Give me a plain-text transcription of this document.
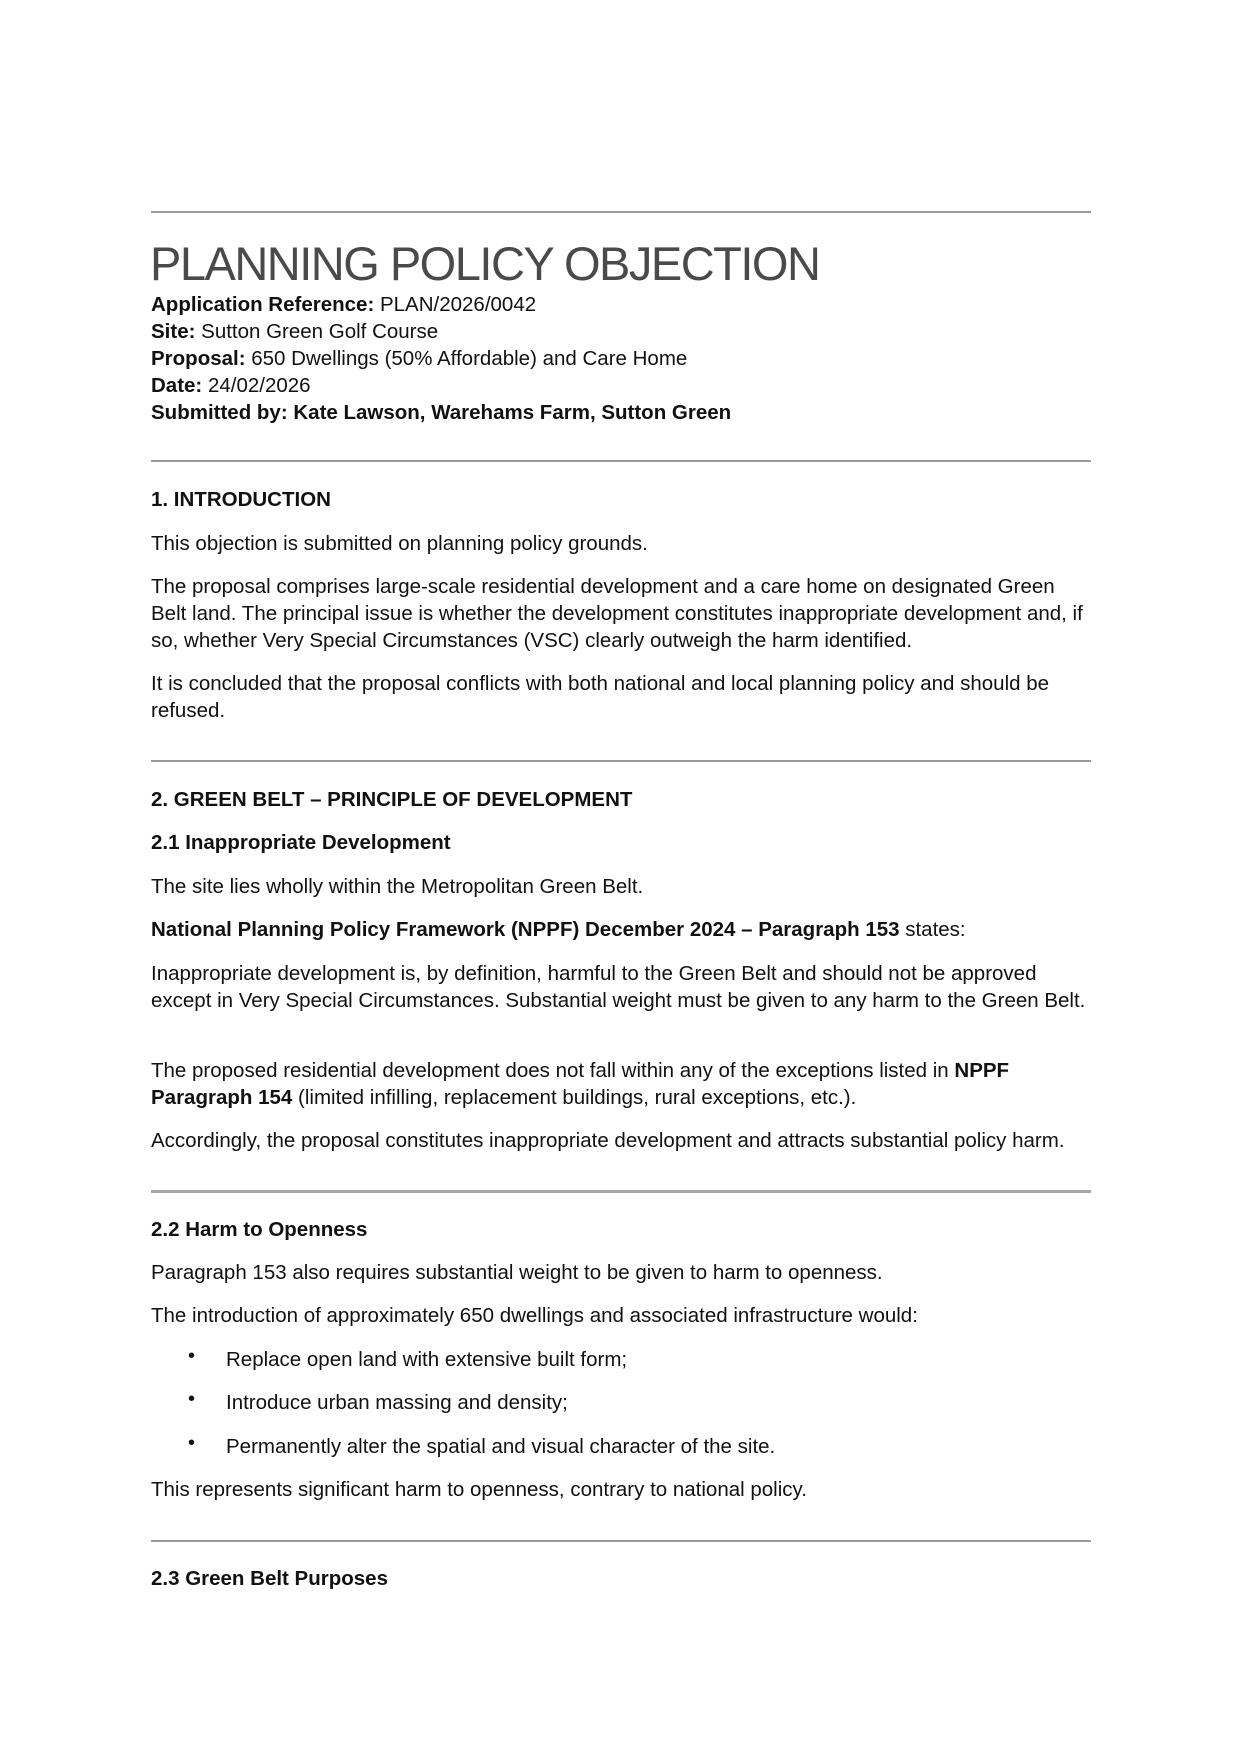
PLANNING POLICY OBJECTION
Application Reference: PLAN/2026/0042
Site: Sutton Green Golf Course
Proposal: 650 Dwellings (50% Affordable) and Care Home
Date: 24/02/2026
Submitted by: Kate Lawson, Warehams Farm, Sutton Green

1. INTRODUCTION

This objection is submitted on planning policy grounds.

The proposal comprises large-scale residential development and a care home on designated Green Belt land. The principal issue is whether the development constitutes inappropriate development and, if so, whether Very Special Circumstances (VSC) clearly outweigh the harm identified.

It is concluded that the proposal conflicts with both national and local planning policy and should be refused.

2. GREEN BELT – PRINCIPLE OF DEVELOPMENT

2.1 Inappropriate Development

The site lies wholly within the Metropolitan Green Belt.

National Planning Policy Framework (NPPF) December 2024 – Paragraph 153 states:

Inappropriate development is, by definition, harmful to the Green Belt and should not be approved except in Very Special Circumstances. Substantial weight must be given to any harm to the Green Belt.

The proposed residential development does not fall within any of the exceptions listed in NPPF Paragraph 154 (limited infilling, replacement buildings, rural exceptions, etc.).

Accordingly, the proposal constitutes inappropriate development and attracts substantial policy harm.

2.2 Harm to Openness

Paragraph 153 also requires substantial weight to be given to harm to openness.

The introduction of approximately 650 dwellings and associated infrastructure would:

• Replace open land with extensive built form;
• Introduce urban massing and density;
• Permanently alter the spatial and visual character of the site.

This represents significant harm to openness, contrary to national policy.

2.3 Green Belt Purposes
